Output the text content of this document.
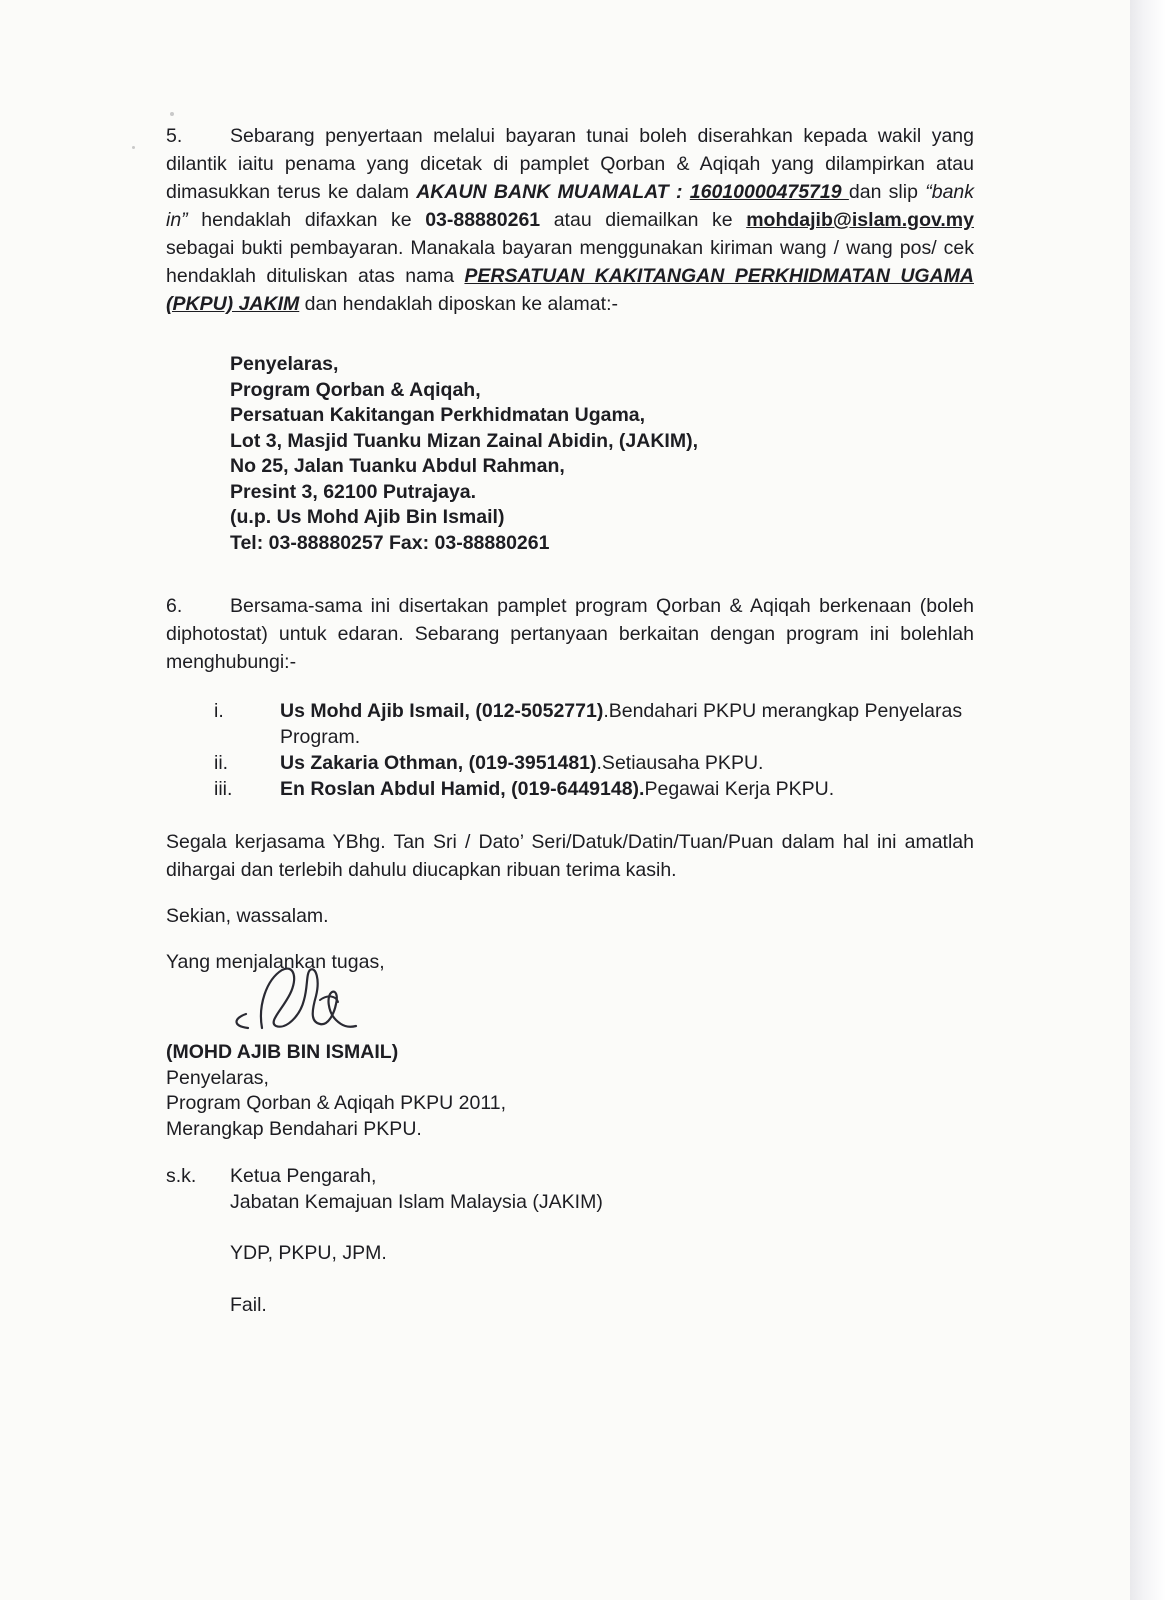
5. Sebarang penyertaan melalui bayaran tunai boleh diserahkan kepada wakil yang dilantik iaitu penama yang dicetak di pamplet Qorban & Aqiqah yang dilampirkan atau dimasukkan terus ke dalam AKAUN BANK MUAMALAT : 16010000475719 dan slip “bank in” hendaklah difaxkan ke 03-88880261 atau diemailkan ke mohdajib@islam.gov.my sebagai bukti pembayaran. Manakala bayaran menggunakan kiriman wang / wang pos/ cek hendaklah dituliskan atas nama PERSATUAN KAKITANGAN PERKHIDMATAN UGAMA (PKPU) JAKIM dan hendaklah diposkan ke alamat:-

Penyelaras,
Program Qorban & Aqiqah,
Persatuan Kakitangan Perkhidmatan Ugama,
Lot 3, Masjid Tuanku Mizan Zainal Abidin, (JAKIM),
No 25, Jalan Tuanku Abdul Rahman,
Presint 3, 62100 Putrajaya.
(u.p. Us Mohd Ajib Bin Ismail)
Tel: 03-88880257 Fax: 03-88880261

6. Bersama-sama ini disertakan pamplet program Qorban & Aqiqah berkenaan (boleh diphotostat) untuk edaran. Sebarang pertanyaan berkaitan dengan program ini bolehlah menghubungi:-

i.	Us Mohd Ajib Ismail, (012-5052771).Bendahari PKPU merangkap Penyelaras Program.
ii.	Us Zakaria Othman, (019-3951481).Setiausaha PKPU.
iii.	En Roslan Abdul Hamid, (019-6449148).Pegawai Kerja PKPU.
Segala kerjasama YBhg. Tan Sri / Dato’ Seri/Datuk/Datin/Tuan/Puan dalam hal ini amatlah dihargai dan terlebih dahulu diucapkan ribuan terima kasih.
Sekian, wassalam.
Yang menjalankan tugas,
(MOHD AJIB BIN ISMAIL)
Penyelaras,
Program Qorban & Aqiqah PKPU 2011,
Merangkap Bendahari PKPU.
s.k.	Ketua Pengarah,
Jabatan Kemajuan Islam Malaysia (JAKIM)
YDP, PKPU, JPM.
Fail.
